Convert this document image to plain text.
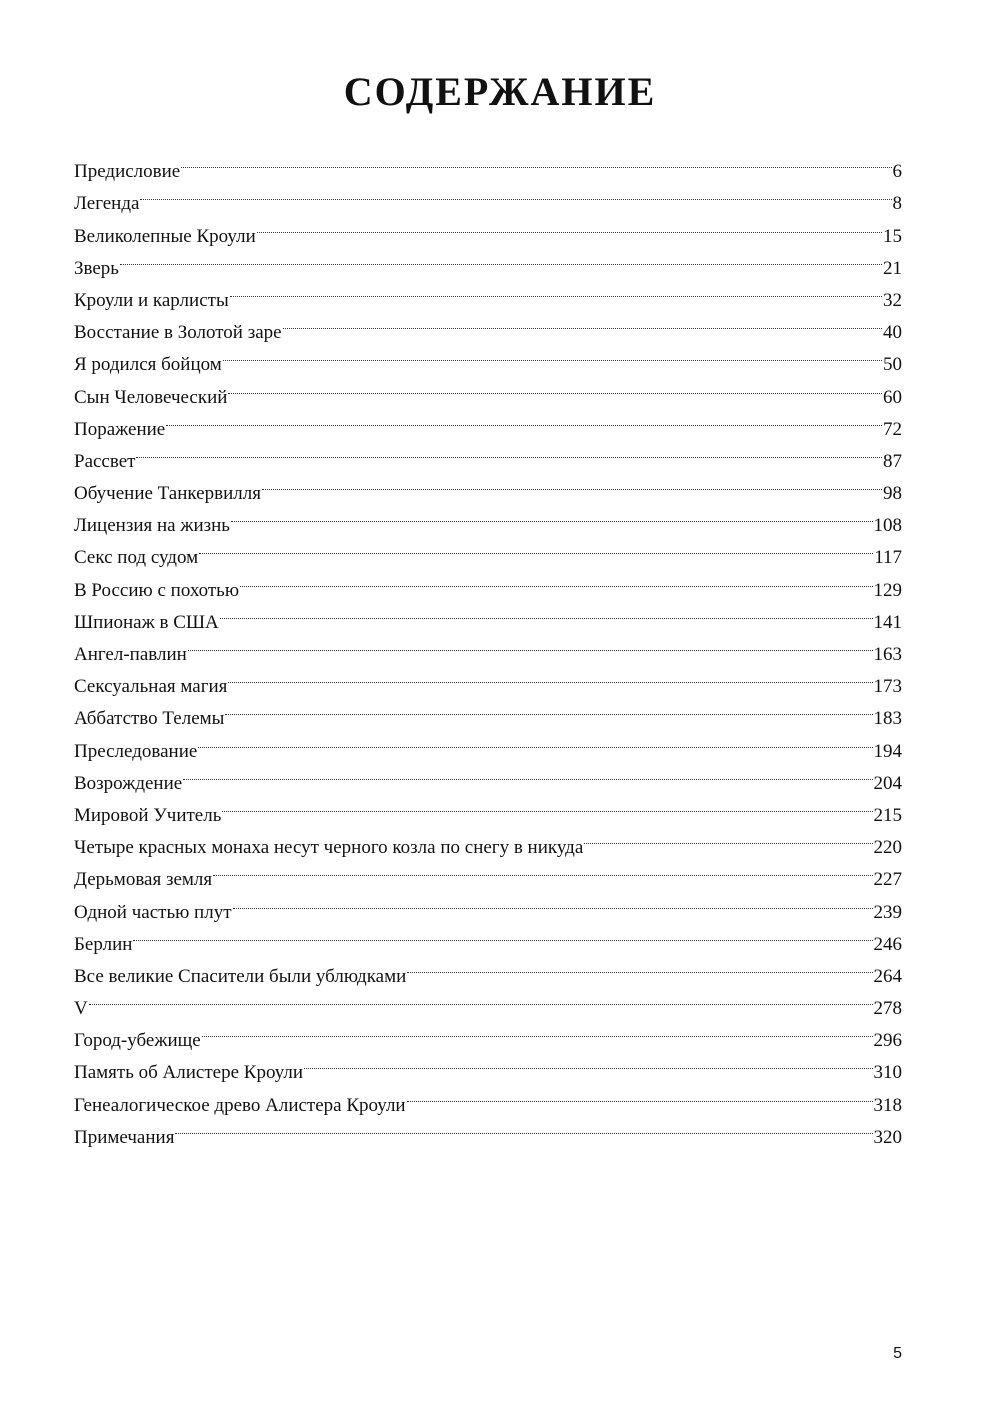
СОДЕРЖАНИЕ
Предисловие	6
Легенда	8
Великолепные Кроули	15
Зверь	21
Кроули и карлисты	32
Восстание в Золотой заре	40
Я родился бойцом	50
Сын Человеческий	60
Поражение	72
Рассвет	87
Обучение Танкервилля	98
Лицензия на жизнь	108
Секс под судом	117
В Россию с похотью	129
Шпионаж в США	141
Ангел-павлин	163
Сексуальная магия	173
Аббатство Телемы	183
Преследование	194
Возрождение	204
Мировой Учитель	215
Четыре красных монаха несут черного козла по снегу в никуда	220
Дерьмовая земля	227
Одной частью плут	239
Берлин	246
Все великие Спасители были ублюдками	264
V	278
Город-убежище	296
Память об Алистере Кроули	310
Генеалогическое древо Алистера Кроули	318
Примечания	320

5
